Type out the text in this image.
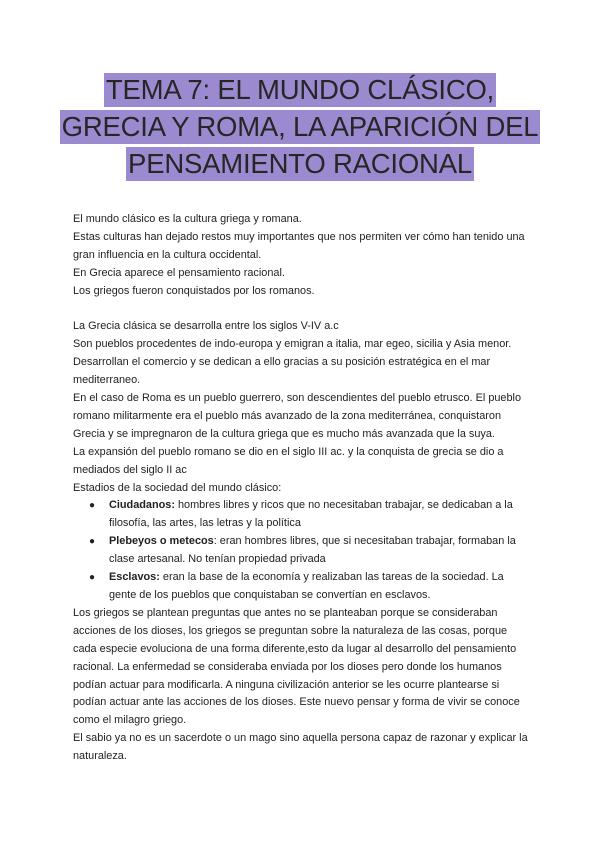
TEMA 7: EL MUNDO CLÁSICO,
GRECIA Y ROMA, LA APARICIÓN DEL
PENSAMIENTO RACIONAL

El mundo clásico es la cultura griega y romana.

Estas culturas han dejado restos muy importantes que nos permiten ver cómo han tenido una gran influencia en la cultura occidental.

En Grecia aparece el pensamiento racional.

Los griegos fueron conquistados por los romanos.

La Grecia clásica se desarrolla entre los siglos V-IV a.c

Son pueblos procedentes de indo-europa y emigran a italia, mar egeo, sicilia y Asia menor.

Desarrollan el comercio y se dedican a ello gracias a su posición estratégica en el mar mediterraneo.

En el caso de Roma es un pueblo guerrero, son descendientes del pueblo etrusco. El pueblo romano militarmente era el pueblo más avanzado de la zona mediterránea, conquistaron Grecia y se impregnaron de la cultura griega que es mucho más avanzada que la suya.

La expansión del pueblo romano se dio en el siglo III ac. y la conquista de grecia se dio a mediados del siglo II ac

Estadios de la sociedad del mundo clásico:

● Ciudadanos: hombres libres y ricos que no necesitaban trabajar, se dedicaban a la filosofía, las artes, las letras y la política
● Plebeyos o metecos: eran hombres libres, que si necesitaban trabajar, formaban la clase artesanal. No tenían propiedad privada
● Esclavos: eran la base de la economía y realizaban las tareas de la sociedad. La gente de los pueblos que conquistaban se convertían en esclavos.

Los griegos se plantean preguntas que antes no se planteaban porque se consideraban acciones de los dioses, los griegos se preguntan sobre la naturaleza de las cosas, porque cada especie evoluciona de una forma diferente,esto da lugar al desarrollo del pensamiento racional. La enfermedad se consideraba enviada por los dioses pero donde los humanos podían actuar para modificarla. A ninguna civilización anterior se les ocurre plantearse si podían actuar ante las acciones de los dioses. Este nuevo pensar y forma de vivir se conoce como el milagro griego.

El sabio ya no es un sacerdote o un mago sino aquella persona capaz de razonar y explicar la naturaleza.
